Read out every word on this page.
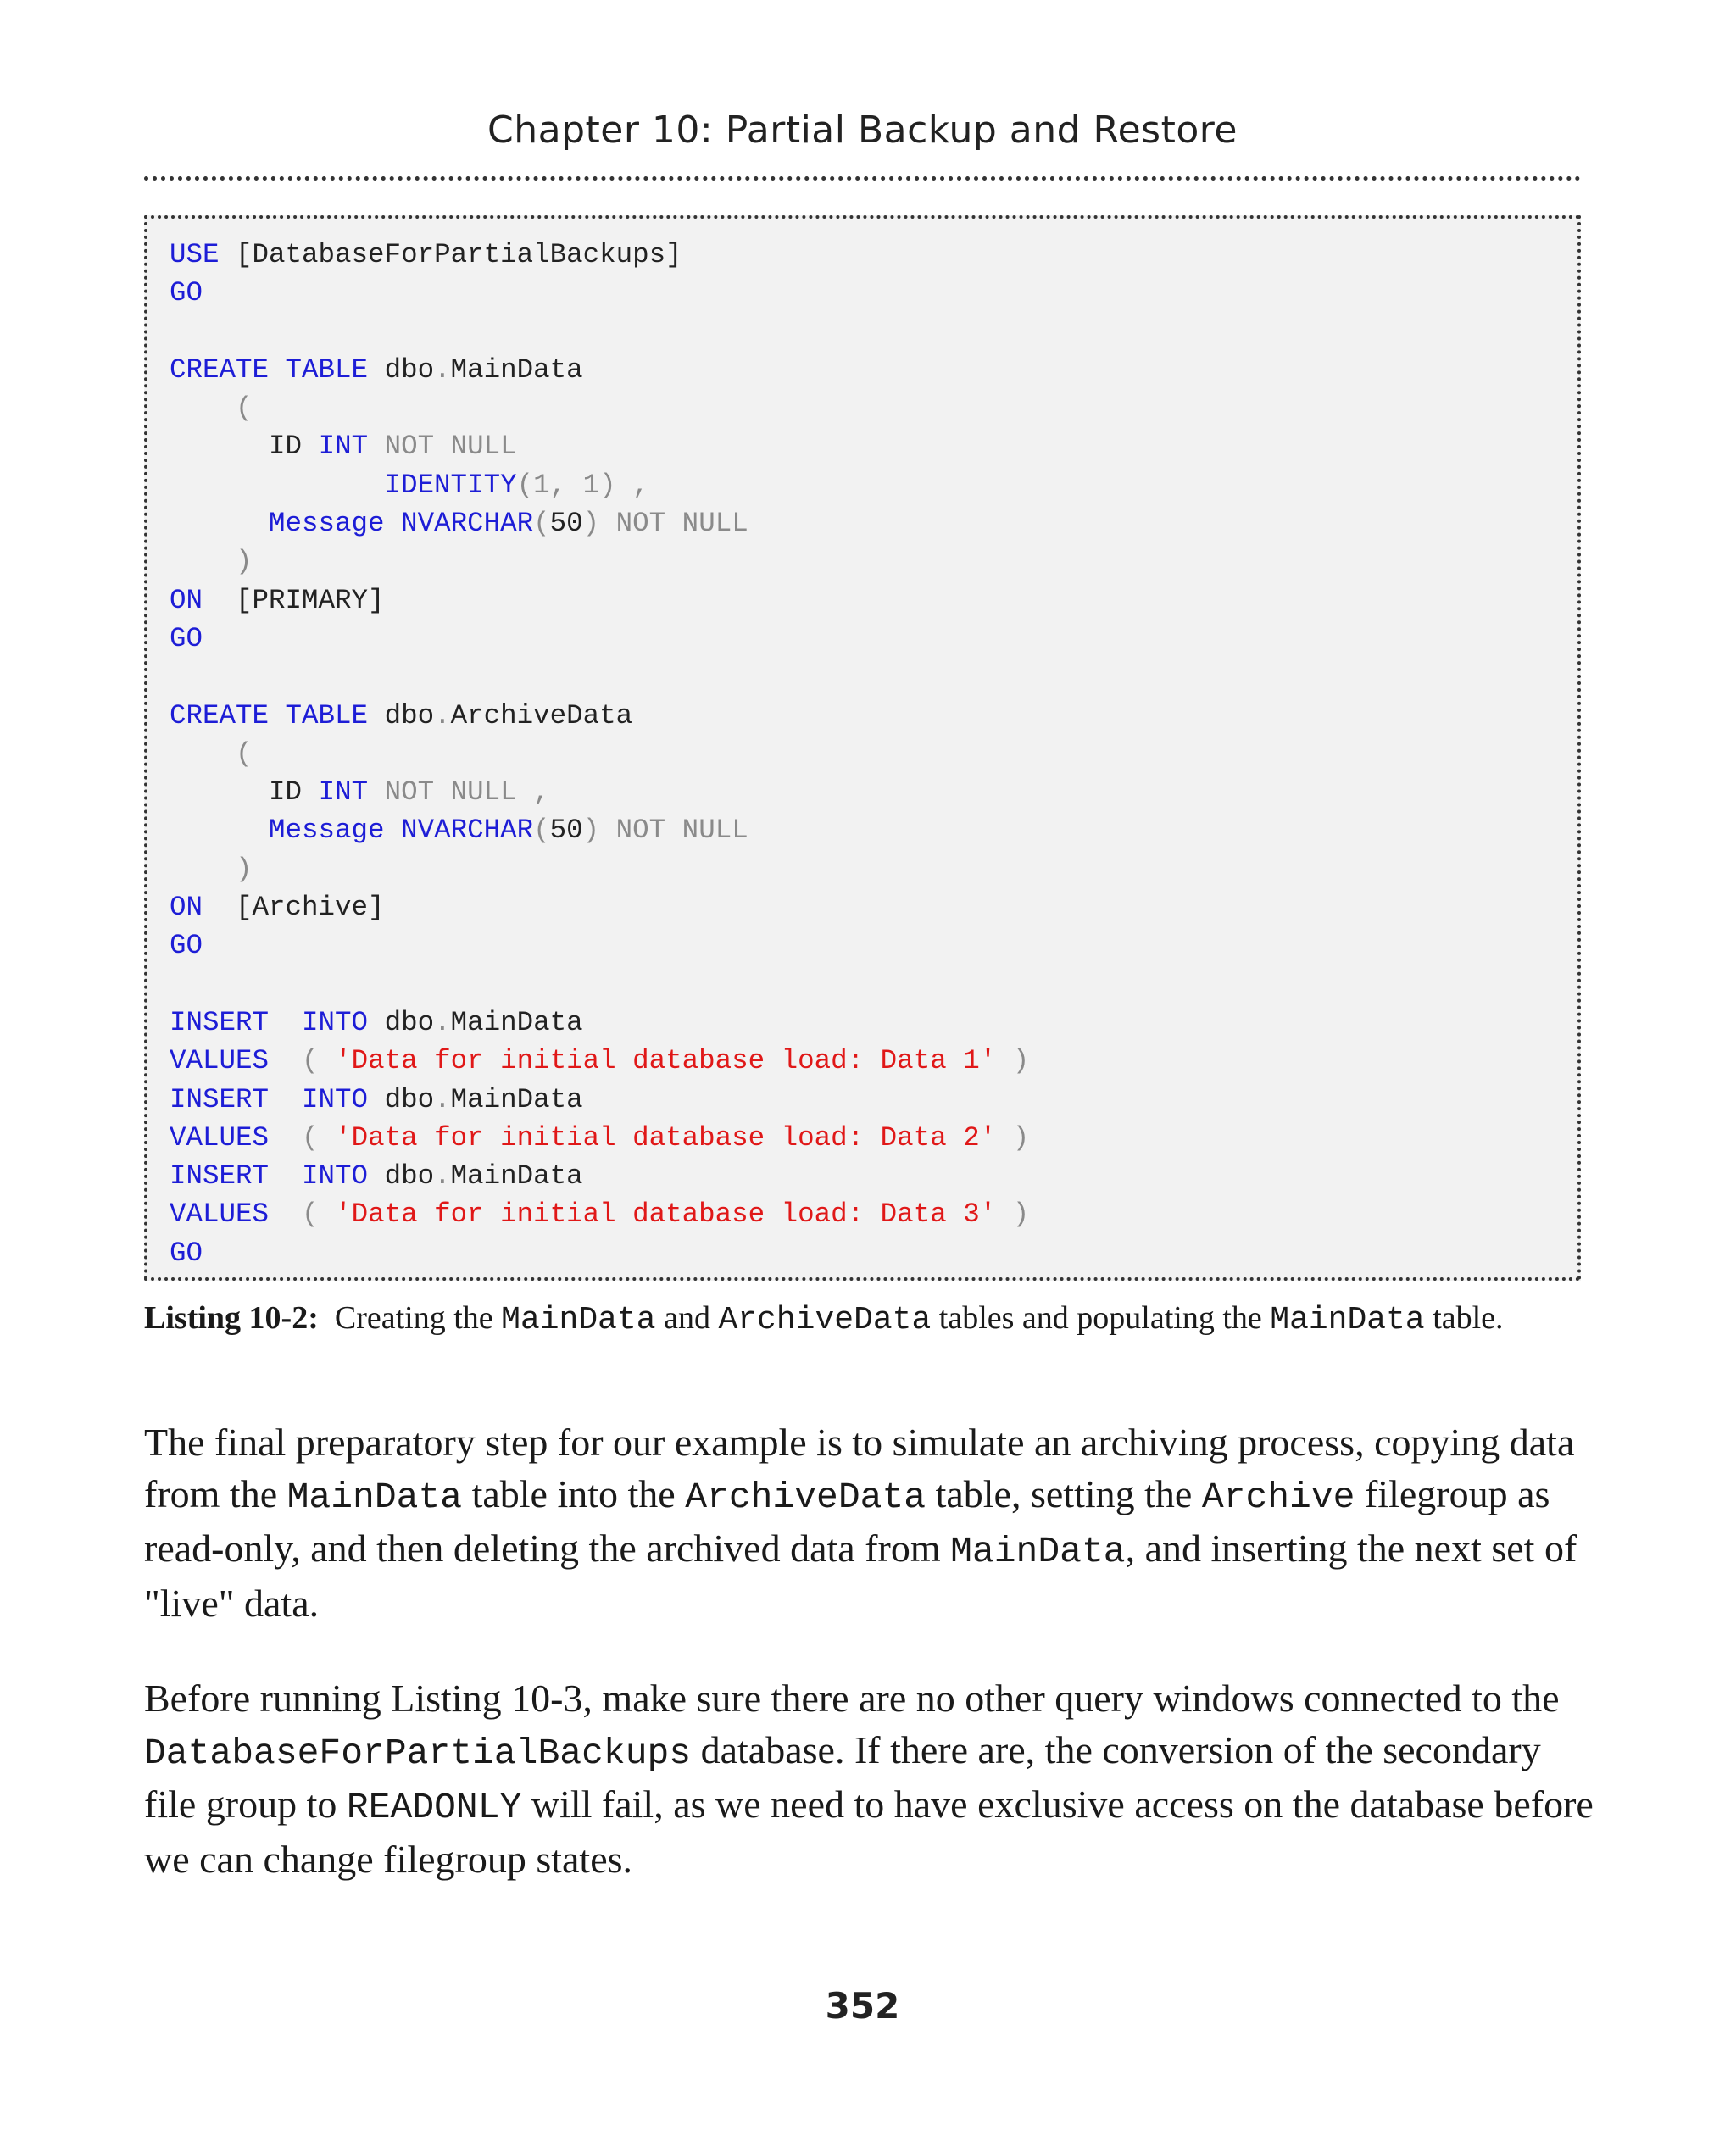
Chapter 10: Partial Backup and Restore
USE [DatabaseForPartialBackups]
GO

CREATE TABLE dbo.MainData
(
ID INT NOT NULL
IDENTITY(1, 1) ,
Message NVARCHAR(50) NOT NULL
)
ON [PRIMARY]
GO

CREATE TABLE dbo.ArchiveData
(
ID INT NOT NULL ,
Message NVARCHAR(50) NOT NULL
)
ON [Archive]
GO

INSERT INTO dbo.MainData
VALUES ( 'Data for initial database load: Data 1' )
INSERT INTO dbo.MainData
VALUES ( 'Data for initial database load: Data 2' )
INSERT INTO dbo.MainData
VALUES ( 'Data for initial database load: Data 3' )
GO
Listing 10-2: Creating the MainData and ArchiveData tables and populating the MainData table.

The final preparatory step for our example is to simulate an archiving process, copying data from the MainData table into the ArchiveData table, setting the Archive filegroup as read-only, and then deleting the archived data from MainData, and inserting the next set of "live" data.

Before running Listing 10-3, make sure there are no other query windows connected to the DatabaseForPartialBackups database. If there are, the conversion of the secondary file group to READONLY will fail, as we need to have exclusive access on the database before we can change filegroup states.

352
